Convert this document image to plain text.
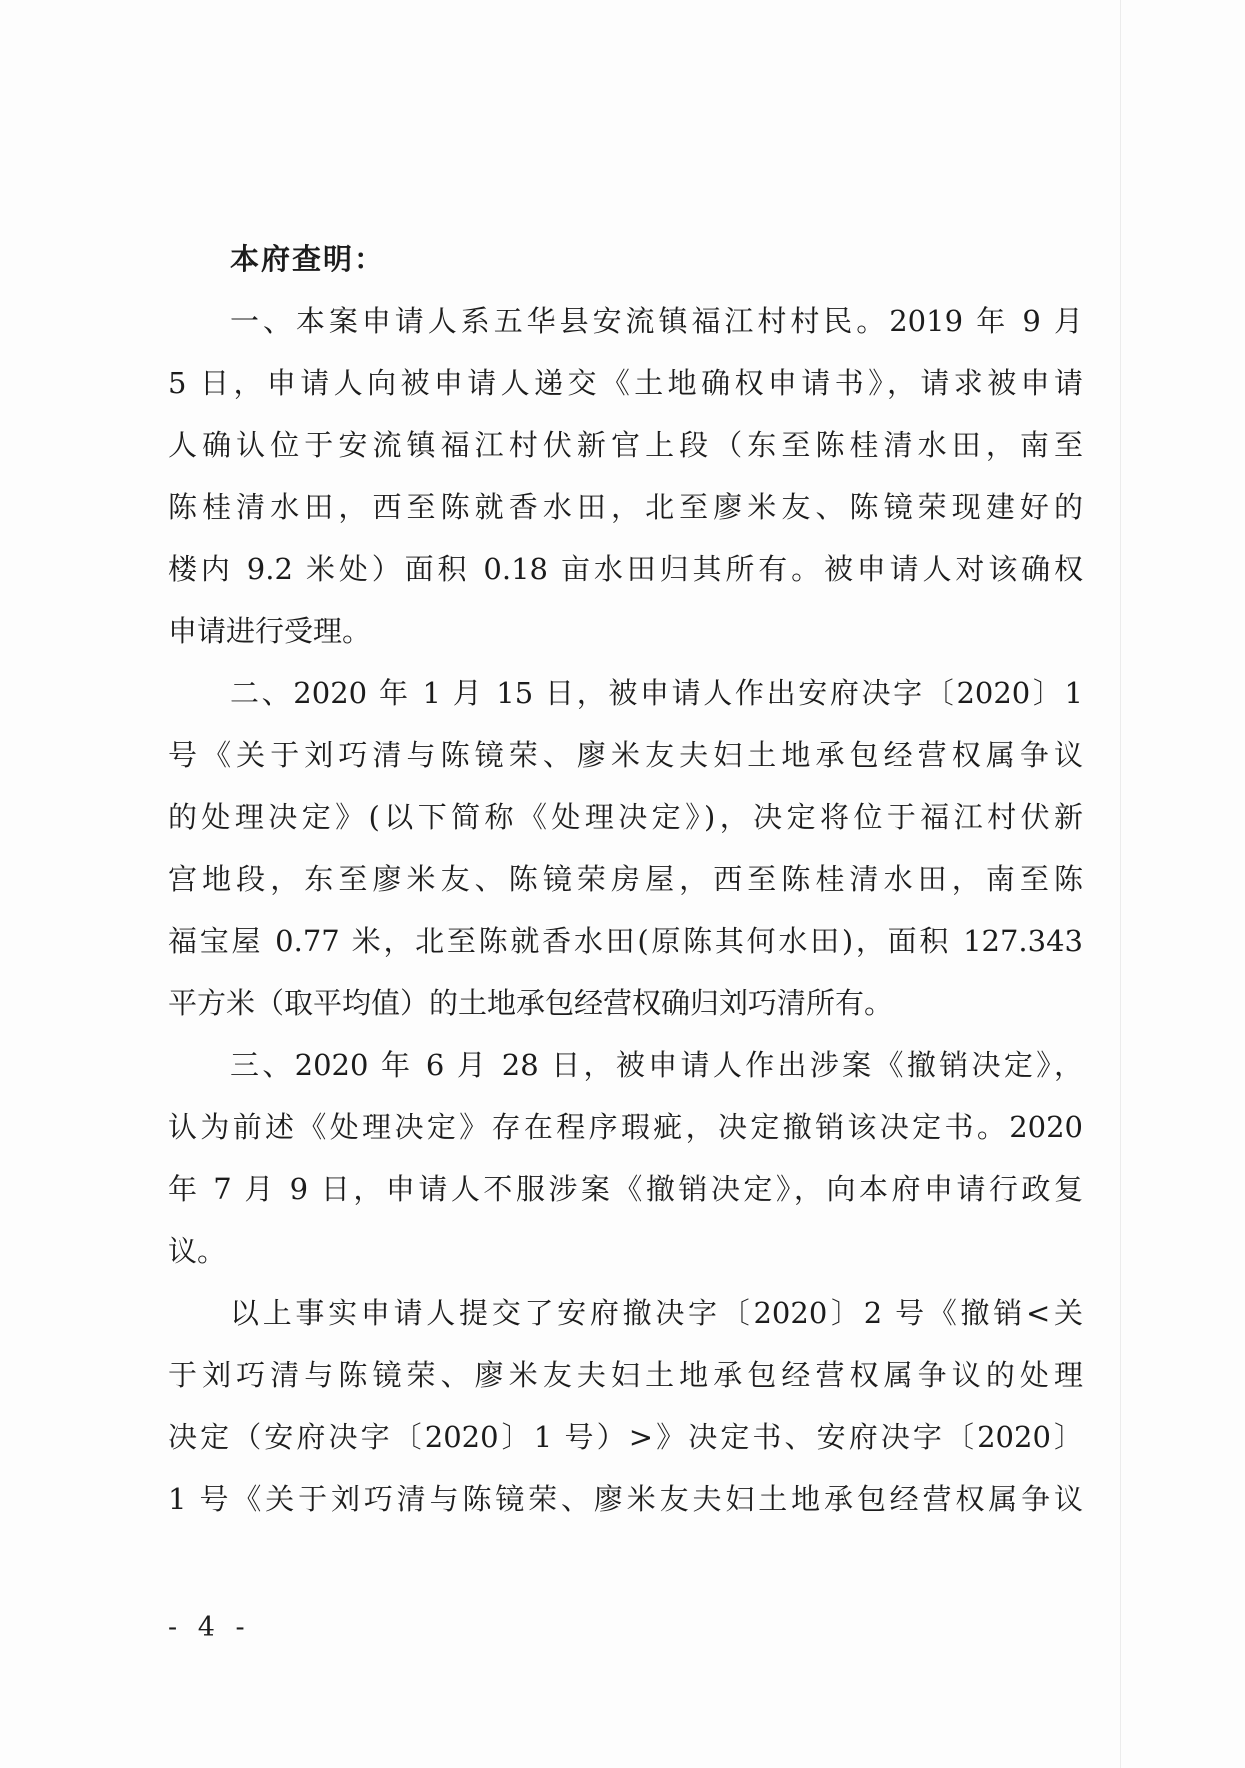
本府查明：
一、本案申请人系五华县安流镇福江村村民。2019 年 9 月
5 日，申请人向被申请人递交《土地确权申请书》，请求被申请
人确认位于安流镇福江村伏新官上段（东至陈桂清水田，南至
陈桂清水田，西至陈就香水田，北至廖米友、陈镜荣现建好的
楼内 9.2 米处）面积 0.18 亩水田归其所有。被申请人对该确权
申请进行受理。
二、2020 年 1 月 15 日，被申请人作出安府决字〔2020〕1
号《关于刘巧清与陈镜荣、廖米友夫妇土地承包经营权属争议
的处理决定》(以下简称《处理决定》)，决定将位于福江村伏新
宫地段，东至廖米友、陈镜荣房屋，西至陈桂清水田，南至陈
福宝屋 0.77 米，北至陈就香水田(原陈其何水田)，面积 127.343
平方米（取平均值）的土地承包经营权确归刘巧清所有。
三、2020 年 6 月 28 日，被申请人作出涉案《撤销决定》，
认为前述《处理决定》存在程序瑕疵，决定撤销该决定书。2020
年 7 月 9 日，申请人不服涉案《撤销决定》，向本府申请行政复
议。
以上事实申请人提交了安府撤决字〔2020〕2 号《撤销<关
于刘巧清与陈镜荣、廖米友夫妇土地承包经营权属争议的处理
决定（安府决字〔2020〕1 号）>》决定书、安府决字〔2020〕
1 号《关于刘巧清与陈镜荣、廖米友夫妇土地承包经营权属争议
- 4 -
